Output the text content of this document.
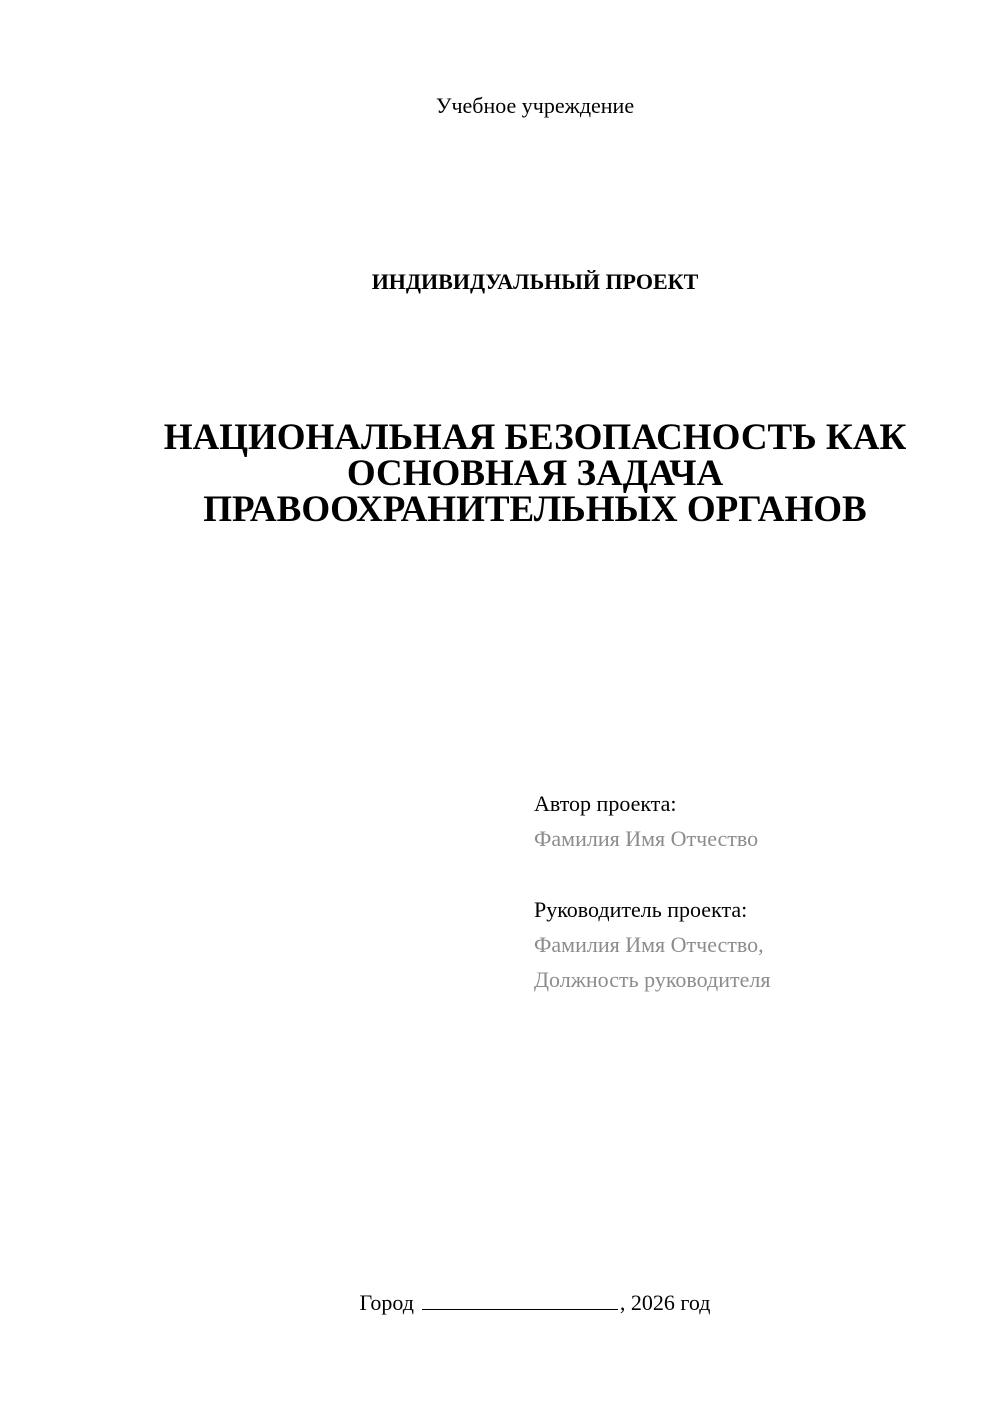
Учебное учреждение
ИНДИВИДУАЛЬНЫЙ ПРОЕКТ
НАЦИОНАЛЬНАЯ БЕЗОПАСНОСТЬ КАК
ОСНОВНАЯ ЗАДАЧА
ПРАВООХРАНИТЕЛЬНЫХ ОРГАНОВ
Автор проекта:
Фамилия Имя Отчество
Руководитель проекта:
Фамилия Имя Отчество,
Должность руководителя
Город	, 2026 год
